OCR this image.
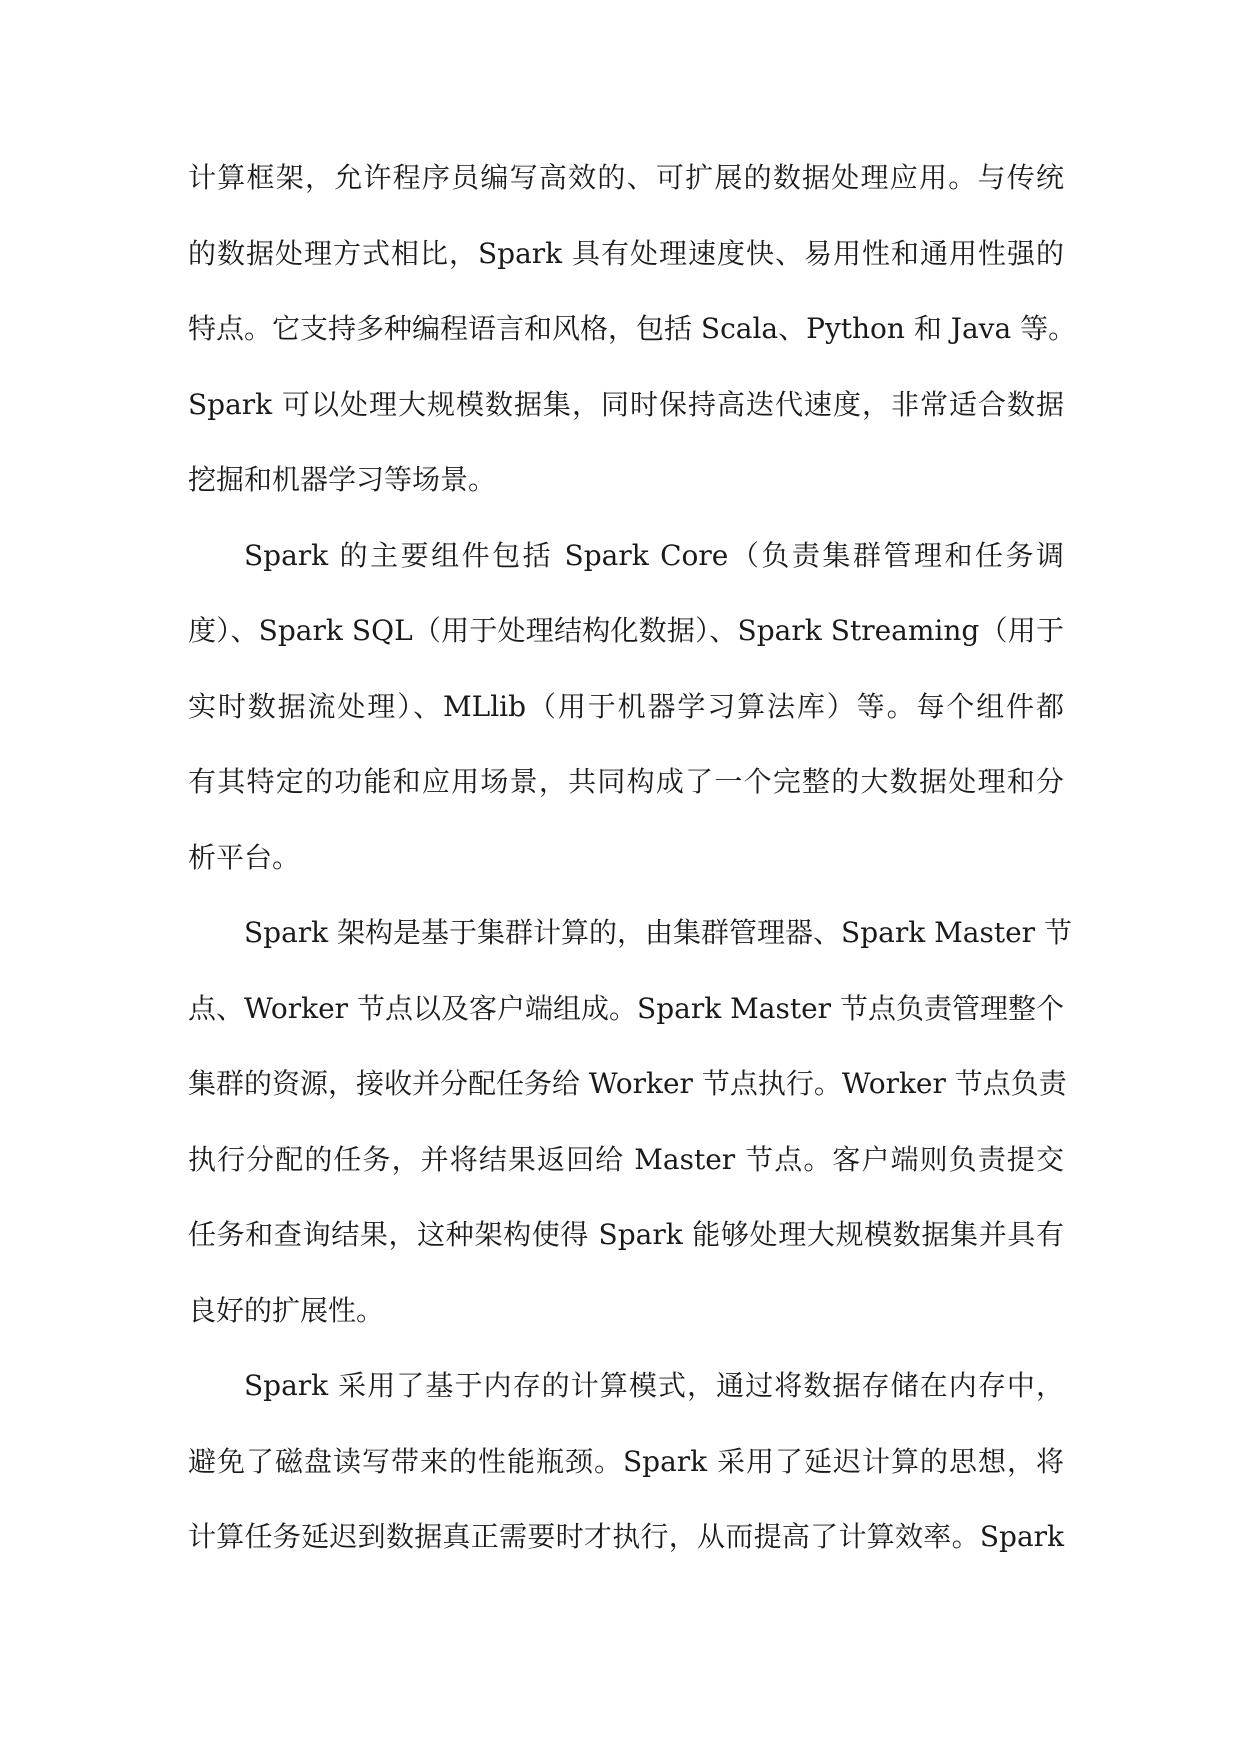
计算框架，允许程序员编写高效的、可扩展的数据处理应用。与传统
的数据处理方式相比，Spark 具有处理速度快、易用性和通用性强的
特点。它支持多种编程语言和风格，包括 Scala、Python 和 Java 等。
Spark 可以处理大规模数据集，同时保持高迭代速度，非常适合数据
挖掘和机器学习等场景。
Spark 的主要组件包括 Spark Core（负责集群管理和任务调
度）、Spark SQL（用于处理结构化数据）、Spark Streaming（用于
实时数据流处理）、MLlib（用于机器学习算法库）等。每个组件都
有其特定的功能和应用场景，共同构成了一个完整的大数据处理和分
析平台。
Spark 架构是基于集群计算的，由集群管理器、Spark Master 节
点、Worker 节点以及客户端组成。Spark Master 节点负责管理整个
集群的资源，接收并分配任务给 Worker 节点执行。Worker 节点负责
执行分配的任务，并将结果返回给 Master 节点。客户端则负责提交
任务和查询结果，这种架构使得 Spark 能够处理大规模数据集并具有
良好的扩展性。
Spark 采用了基于内存的计算模式，通过将数据存储在内存中，
避免了磁盘读写带来的性能瓶颈。Spark 采用了延迟计算的思想，将
计算任务延迟到数据真正需要时才执行，从而提高了计算效率。Spark
